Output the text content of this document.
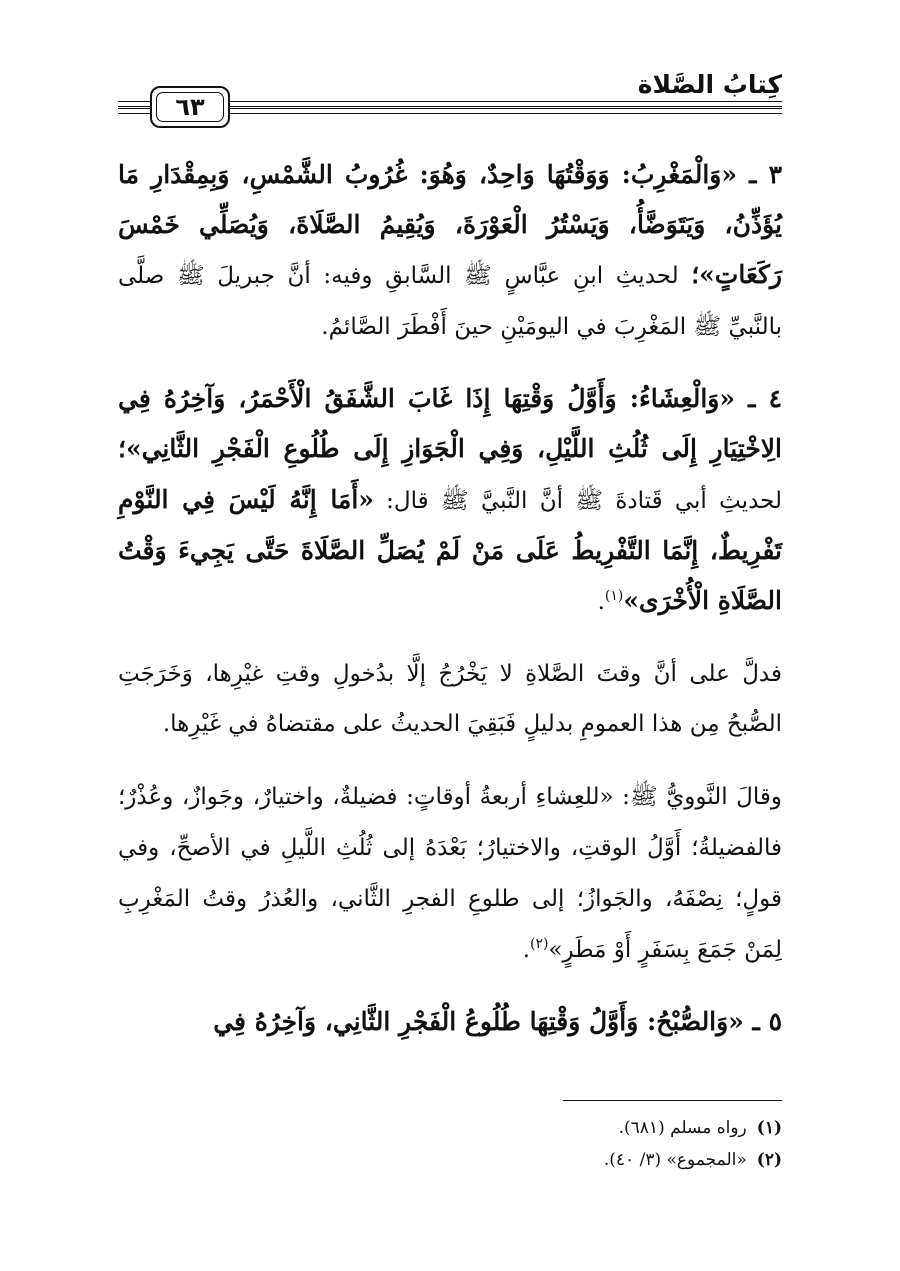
كِتابُ الصَّلاة
٦٣

٣ ـ «وَالْمَغْرِبُ: وَوَقْتُهَا وَاحِدٌ، وَهُوَ: غُرُوبُ الشَّمْسِ، وَبِمِقْدَارِ مَا يُؤَذِّنُ، وَيَتَوَضَّأُ، وَيَسْتُرُ الْعَوْرَةَ، وَيُقِيمُ الصَّلَاةَ، وَيُصَلِّي خَمْسَ رَكَعَاتٍ»؛ لحديثِ ابنِ عبَّاسٍ ﷺ السَّابقِ وفيه: أنَّ جبريلَ ﷺ صلَّى بالنَّبيِّ ﷺ المَغْرِبَ في اليومَيْنِ حينَ أَفْطَرَ الصَّائمُ.

٤ ـ «وَالْعِشَاءُ: وَأَوَّلُ وَقْتِهَا إِذَا غَابَ الشَّفَقُ الْأَحْمَرُ، وَآخِرُهُ فِي الِاخْتِيَارِ إِلَى ثُلُثِ اللَّيْلِ، وَفِي الْجَوَازِ إِلَى طُلُوعِ الْفَجْرِ الثَّانِي»؛ لحديثِ أبي قَتادةَ ﷺ أنَّ النَّبيَّ ﷺ قال: «أَمَا إِنَّهُ لَيْسَ فِي النَّوْمِ تَفْرِيطٌ، إِنَّمَا التَّفْرِيطُ عَلَى مَنْ لَمْ يُصَلِّ الصَّلَاةَ حَتَّى يَجِيءَ وَقْتُ الصَّلَاةِ الْأُخْرَى»$^{(١)}$.

فدلَّ على أنَّ وقتَ الصَّلاةِ لا يَخْرُجُ إلَّا بدُخولِ وقتِ غيْرِها، وَخَرَجَتِ الصُّبحُ مِن هذا العمومِ بدليلٍ فَبَقِيَ الحديثُ على مقتضاهُ في غَيْرِها.

وقالَ النَّوويُّ ﷺ: «للعِشاءِ أربعةُ أوقاتٍ: فضيلةٌ، واختيارٌ، وجَوازٌ، وعُذْرٌ؛ فالفضيلةُ؛ أَوَّلُ الوقتِ، والاختيارُ؛ بَعْدَهُ إلى ثُلُثِ اللَّيلِ في الأصحِّ، وفي قولٍ؛ نِصْفَهُ، والجَوازُ؛ إلى طلوعِ الفجرِ الثَّاني، والعُذرُ وقتُ المَغْرِبِ لِمَنْ جَمَعَ بِسَفَرٍ أَوْ مَطَرٍ»$^{(٢)}$.

٥ ـ «وَالصُّبْحُ: وَأَوَّلُ وَقْتِهَا طُلُوعُ الْفَجْرِ الثَّانِي، وَآخِرُهُ فِي

(١)رواه مسلم (٦٨١).

(٢)«المجموع» (٣/ ٤٠).
